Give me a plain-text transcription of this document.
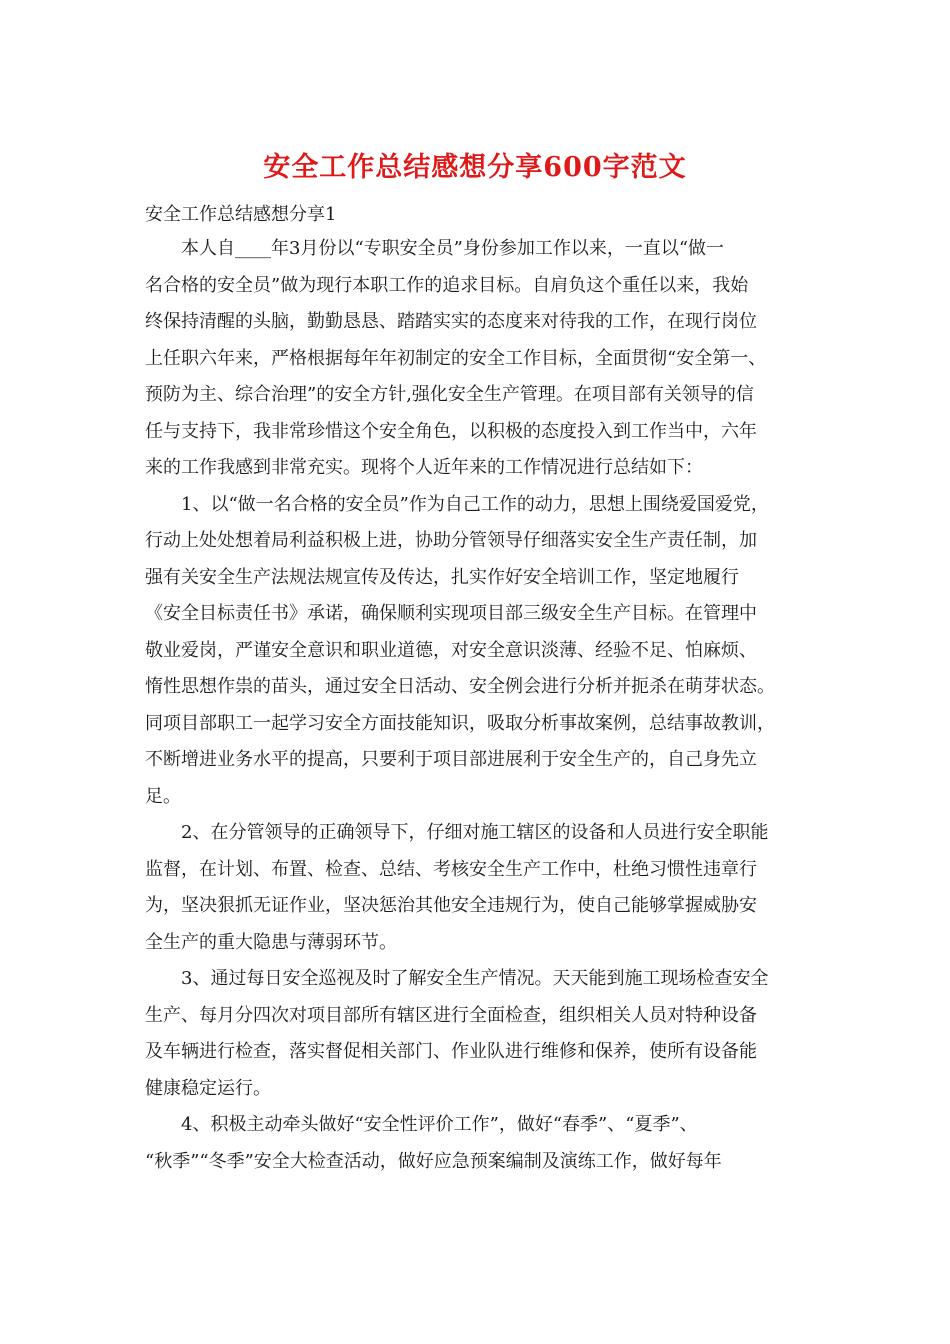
安全工作总结感想分享600字范文
安全工作总结感想分享1
本人自____年3月份以“专职安全员”身份参加工作以来，一直以“做一
名合格的安全员”做为现行本职工作的追求目标。自肩负这个重任以来，我始
终保持清醒的头脑，勤勤恳恳、踏踏实实的态度来对待我的工作，在现行岗位
上任职六年来，严格根据每年年初制定的安全工作目标，全面贯彻“安全第一、
预防为主、综合治理”的安全方针,强化安全生产管理。在项目部有关领导的信
任与支持下，我非常珍惜这个安全角色，以积极的态度投入到工作当中，六年
来的工作我感到非常充实。现将个人近年来的工作情况进行总结如下：
1、以“做一名合格的安全员”作为自己工作的动力，思想上围绕爱国爱党，
行动上处处想着局利益积极上进，协助分管领导仔细落实安全生产责任制，加
强有关安全生产法规法规宣传及传达，扎实作好安全培训工作，坚定地履行
《安全目标责任书》承诺，确保顺利实现项目部三级安全生产目标。在管理中
敬业爱岗，严谨安全意识和职业道德，对安全意识淡薄、经验不足、怕麻烦、
惰性思想作祟的苗头，通过安全日活动、安全例会进行分析并扼杀在萌芽状态。
同项目部职工一起学习安全方面技能知识，吸取分析事故案例，总结事故教训，
不断增进业务水平的提高，只要利于项目部进展利于安全生产的，自己身先立
足。
2、在分管领导的正确领导下，仔细对施工辖区的设备和人员进行安全职能
监督，在计划、布置、检查、总结、考核安全生产工作中，杜绝习惯性违章行
为，坚决狠抓无证作业，坚决惩治其他安全违规行为，使自己能够掌握威胁安
全生产的重大隐患与薄弱环节。
3、通过每日安全巡视及时了解安全生产情况。天天能到施工现场检查安全
生产、每月分四次对项目部所有辖区进行全面检查，组织相关人员对特种设备
及车辆进行检查，落实督促相关部门、作业队进行维修和保养，使所有设备能
健康稳定运行。
4、积极主动牵头做好“安全性评价工作”，做好“春季”、“夏季”、
“秋季”“冬季”安全大检查活动，做好应急预案编制及演练工作，做好每年
